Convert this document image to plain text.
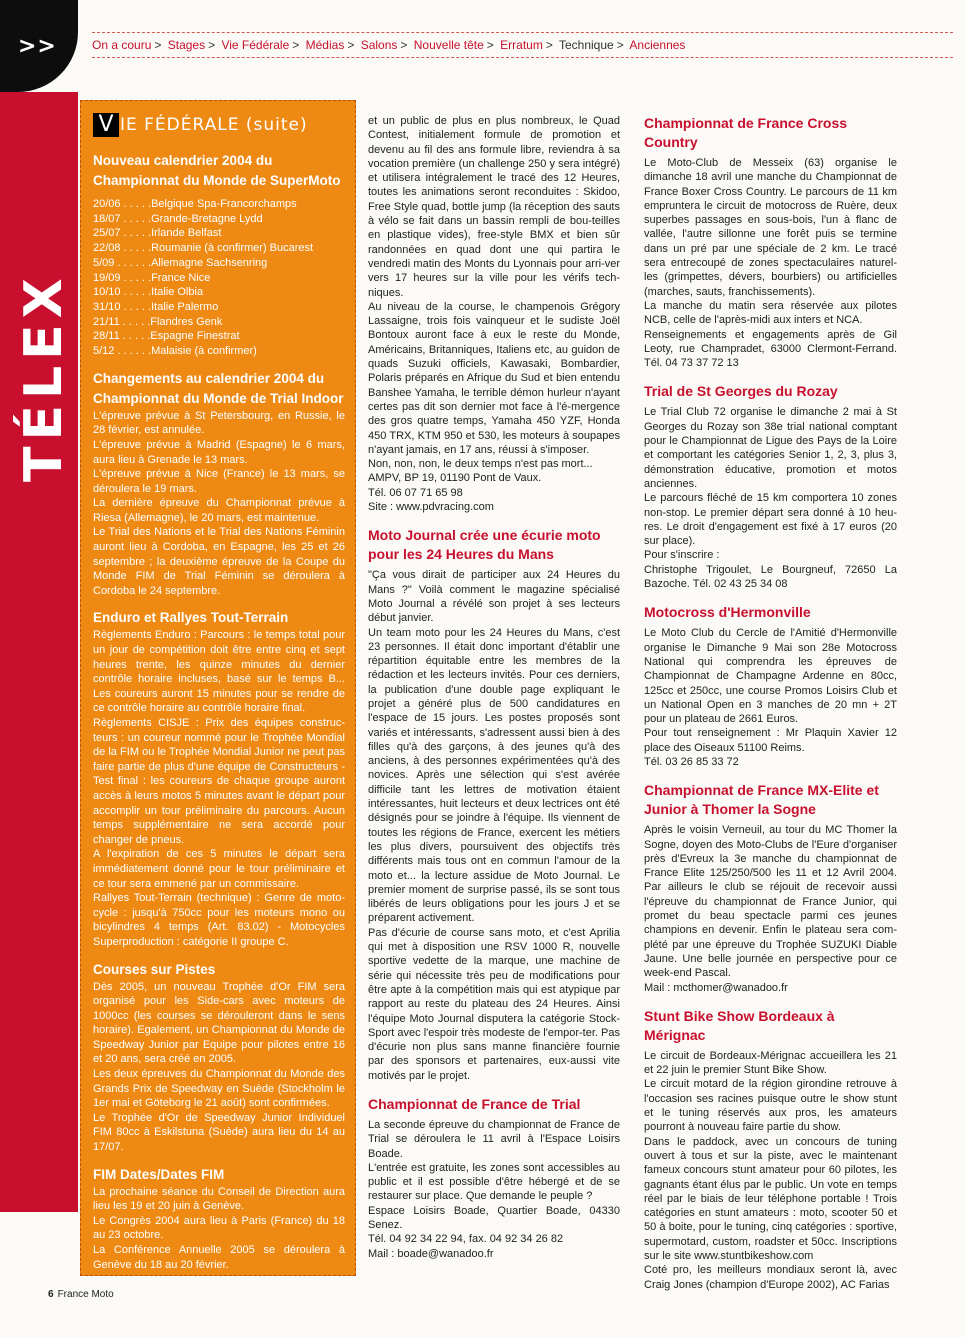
>>
TÉLEX
On a couru > Stages > Vie Fédérale > Médias > Salons > Nouvelle tête > Erratum > Technique > Anciennes
V IE FÉDÉRALE (suite)
Nouveau calendrier 2004 du Championnat du Monde de SuperMoto
20/06 . . . . .Belgique Spa-Francorchamps
18/07 . . . . .Grande-Bretagne Lydd
25/07 . . . . .Irlande Belfast
22/08 . . . . .Roumanie (à confirmer) Bucarest
5/09 . . . . . .Allemagne Sachsenring
19/09 . . . . .France Nice
10/10 . . . . .Italie Olbia
31/10 . . . . .Italie Palermo
21/11 . . . . .Flandres Genk
28/11 . . . . .Espagne Finestrat
5/12 . . . . . .Malaisie (à confirmer)
Changements au calendrier 2004 du Championnat du Monde de Trial Indoor

L'épreuve prévue à St Petersbourg, en Russie, le 28 février, est annulée.

L'épreuve prévue à Madrid (Espagne) le 6 mars, aura lieu à Grenade le 13 mars.

L'épreuve prévue à Nice (France) le 13 mars, se déroulera le 19 mars.

La dernière épreuve du Championnat prévue à Riesa (Allemagne), le 20 mars, est maintenue.

Le Trial des Nations et le Trial des Nations Féminin auront lieu à Cordoba, en Espagne, les 25 et 26 septembre ; la deuxième épreuve de la Coupe du Monde FIM de Trial Féminin se déroulera à Cordoba le 24 septembre.

Enduro et Rallyes Tout-Terrain

Règlements Enduro : Parcours : le temps total pour un jour de compétition doit être entre cinq et sept heures trente, les quinze minutes du dernier contrôle horaire incluses, basé sur le temps B... Les coureurs auront 15 minutes pour se rendre de ce contrôle horaire au contrôle horaire final.

Règlements CISJE : Prix des équipes construc-teurs : un coureur nommé pour le Trophée Mondial de la FIM ou le Trophée Mondial Junior ne peut pas faire partie de plus d'une équipe de Constructeurs - Test final : les coureurs de chaque groupe auront accès à leurs motos 5 minutes avant le départ pour accomplir un tour préliminaire du parcours. Aucun temps supplémentaire ne sera accordé pour changer de pneus.

A l'expiration de ces 5 minutes le départ sera immédiatement donné pour le tour préliminaire et ce tour sera emmené par un commissaire.

Rallyes Tout-Terrain (technique) : Genre de moto-cycle : jusqu'à 750cc pour les moteurs mono ou bicylindres 4 temps (Art. 83.02) - Motocycles Superproduction : catégorie II groupe C.

Courses sur Pistes

Dès 2005, un nouveau Trophée d'Or FIM sera organisé pour les Side-cars avec moteurs de 1000cc (les courses se dérouleront dans le sens horaire). Egalement, un Championnat du Monde de Speedway Junior par Equipe pour pilotes entre 16 et 20 ans, sera créé en 2005.

Les deux épreuves du Championnat du Monde des Grands Prix de Speedway en Suède (Stockholm le 1er mai et Göteborg le 21 août) sont confirmées.

Le Trophée d'Or de Speedway Junior Individuel FIM 80cc à Eskilstuna (Suède) aura lieu du 14 au 17/07.

FIM Dates/Dates FIM

La prochaine séance du Conseil de Direction aura lieu les 19 et 20 juin à Genève.

Le Congrès 2004 aura lieu à Paris (France) du 18 au 23 octobre.

La Conférence Annuelle 2005 se déroulera à Genève du 18 au 20 février.

et un public de plus en plus nombreux, le Quad Contest, initialement formule de promotion et devenu au fil des ans formule libre, reviendra à sa vocation première (un challenge 250 y sera intégré) et utilisera intégralement le tracé des 12 Heures, toutes les animations seront reconduites : Skidoo, Free Style quad, bottle jump (la réception des sauts à vélo se fait dans un bassin rempli de bou-teilles en plastique vides), free-style BMX et bien sûr randonnées en quad dont une qui partira le vendredi matin des Monts du Lyonnais pour arri-ver vers 17 heures sur la ville pour les vérifs tech-niques.

Au niveau de la course, le champenois Grégory Lassaigne, trois fois vainqueur et le sudiste Joël Bontoux auront face à eux le reste du Monde, Américains, Britanniques, Italiens etc, au guidon de quads Suzuki officiels, Kawasaki, Bombardier, Polaris préparés en Afrique du Sud et bien entendu Banshee Yamaha, le terrible démon hurleur n'ayant certes pas dit son dernier mot face à l'é-mergence des gros quatre temps, Yamaha 450 YZF, Honda 450 TRX, KTM 950 et 530, les moteurs à soupapes n'ayant jamais, en 17 ans, réussi à s'imposer.

Non, non, non, le deux temps n'est pas mort...

AMPV, BP 19, 01190 Pont de Vaux.

Tél. 06 07 71 65 98

Site : www.pdvracing.com

Moto Journal crée une écurie moto pour les 24 Heures du Mans

"Ça vous dirait de participer aux 24 Heures du Mans ?" Voilà comment le magazine spécialisé Moto Journal a révélé son projet à ses lecteurs début janvier.

Un team moto pour les 24 Heures du Mans, c'est 23 personnes. Il était donc important d'établir une répartition équitable entre les membres de la rédaction et les lecteurs invités. Pour ces derniers, la publication d'une double page expliquant le projet a généré plus de 500 candidatures en l'espace de 15 jours. Les postes proposés sont variés et intéressants, s'adressent aussi bien à des filles qu'à des garçons, à des jeunes qu'à des anciens, à des personnes expérimentées qu'à des novices. Après une sélection qui s'est avérée difficile tant les lettres de motivation étaient intéressantes, huit lecteurs et deux lectrices ont été désignés pour se joindre à l'équipe. Ils viennent de toutes les régions de France, exercent les métiers les plus divers, poursuivent des objectifs très différents mais tous ont en commun l'amour de la moto et... la lecture assidue de Moto Journal. Le premier moment de surprise passé, ils se sont tous libérés de leurs obligations pour les jours J et se préparent activement.

Pas d'écurie de course sans moto, et c'est Aprilia qui met à disposition une RSV 1000 R, nouvelle sportive vedette de la marque, une machine de série qui nécessite très peu de modifications pour être apte à la compétition mais qui est atypique par rapport au reste du plateau des 24 Heures. Ainsi l'équipe Moto Journal disputera la catégorie Stock-Sport avec l'espoir très modeste de l'empor-ter. Pas d'écurie non plus sans manne financière fournie par des sponsors et partenaires, eux-aussi vite motivés par le projet.

Championnat de France de Trial

La seconde épreuve du championnat de France de Trial se déroulera le 11 avril à l'Espace Loisirs Boade.

L'entrée est gratuite, les zones sont accessibles au public et il est possible d'être hébergé et de se restaurer sur place. Que demande le peuple ?

Espace Loisirs Boade, Quartier Boade, 04330 Senez.

Tél. 04 92 34 22 94, fax. 04 92 34 26 82

Mail : boade@wanadoo.fr

Championnat de France Cross Country

Le Moto-Club de Messeix (63) organise le dimanche 18 avril une manche du Championnat de France Boxer Cross Country. Le parcours de 11 km empruntera le circuit de motocross de Ruère, deux superbes passages en sous-bois, l'un à flanc de vallée, l'autre sillonne une forêt puis se termine dans un pré par une spéciale de 2 km. Le tracé sera entrecoupé de zones spectaculaires naturel-les (grimpettes, dévers, bourbiers) ou artificielles (marches, sauts, franchissements).

La manche du matin sera réservée aux pilotes NCB, celle de l'après-midi aux inters et NCA.

Renseignements et engagements après de Gil Leoty, rue Champradet, 63000 Clermont-Ferrand. Tél. 04 73 37 72 13

Trial de St Georges du Rozay

Le Trial Club 72 organise le dimanche 2 mai à St Georges du Rozay son 38e trial national comptant pour le Championnat de Ligue des Pays de la Loire et comportant les catégories Senior 1, 2, 3, plus 3, démonstration éducative, promotion et motos anciennes.

Le parcours fléché de 15 km comportera 10 zones non-stop. Le premier départ sera donné à 10 heu-res. Le droit d'engagement est fixé à 17 euros (20 sur place).

Pour s'inscrire :

Christophe Trigoulet, Le Bourgneuf, 72650 La Bazoche. Tél. 02 43 25 34 08

Motocross d'Hermonville

Le Moto Club du Cercle de l'Amitié d'Hermonville organise le Dimanche 9 Mai son 28e Motocross National qui comprendra les épreuves de Championnat de Champagne Ardenne en 80cc, 125cc et 250cc, une course Promos Loisirs Club et un National Open en 3 manches de 20 mn + 2T pour un plateau de 2661 Euros.

Pour tout renseignement : Mr Plaquin Xavier 12 place des Oiseaux 51100 Reims.

Tél. 03 26 85 33 72

Championnat de France MX-Elite et Junior à Thomer la Sogne

Après le voisin Verneuil, au tour du MC Thomer la Sogne, doyen des Moto-Clubs de l'Eure d'organiser près d'Evreux la 3e manche du championnat de France Elite 125/250/500 les 11 et 12 Avril 2004. Par ailleurs le club se réjouit de recevoir aussi l'épreuve du championnat de France Junior, qui promet du beau spectacle parmi ces jeunes champions en devenir. Enfin le plateau sera com-plété par une épreuve du Trophée SUZUKI Diable Jaune. Une belle journée en perspective pour ce week-end Pascal.

Mail : mcthomer@wanadoo.fr

Stunt Bike Show Bordeaux à Mérignac

Le circuit de Bordeaux-Mérignac accueillera les 21 et 22 juin le premier Stunt Bike Show.

Le circuit motard de la région girondine retrouve à l'occasion ses racines puisque outre le show stunt et le tuning réservés aux pros, les amateurs pourront à nouveau faire partie du show.

Dans le paddock, avec un concours de tuning ouvert à tous et sur la piste, avec le maintenant fameux concours stunt amateur pour 60 pilotes, les gagnants étant élus par le public. Un vote en temps réel par le biais de leur téléphone portable ! Trois catégories en stunt amateurs : moto, scooter 50 et 50 à boite, pour le tuning, cinq catégories : sportive, supermotard, custom, roadster et 50cc. Inscriptions sur le site www.stuntbikeshow.com

Coté pro, les meilleurs mondiaux seront là, avec Craig Jones (champion d'Europe 2002), AC Farias

6 France Moto
